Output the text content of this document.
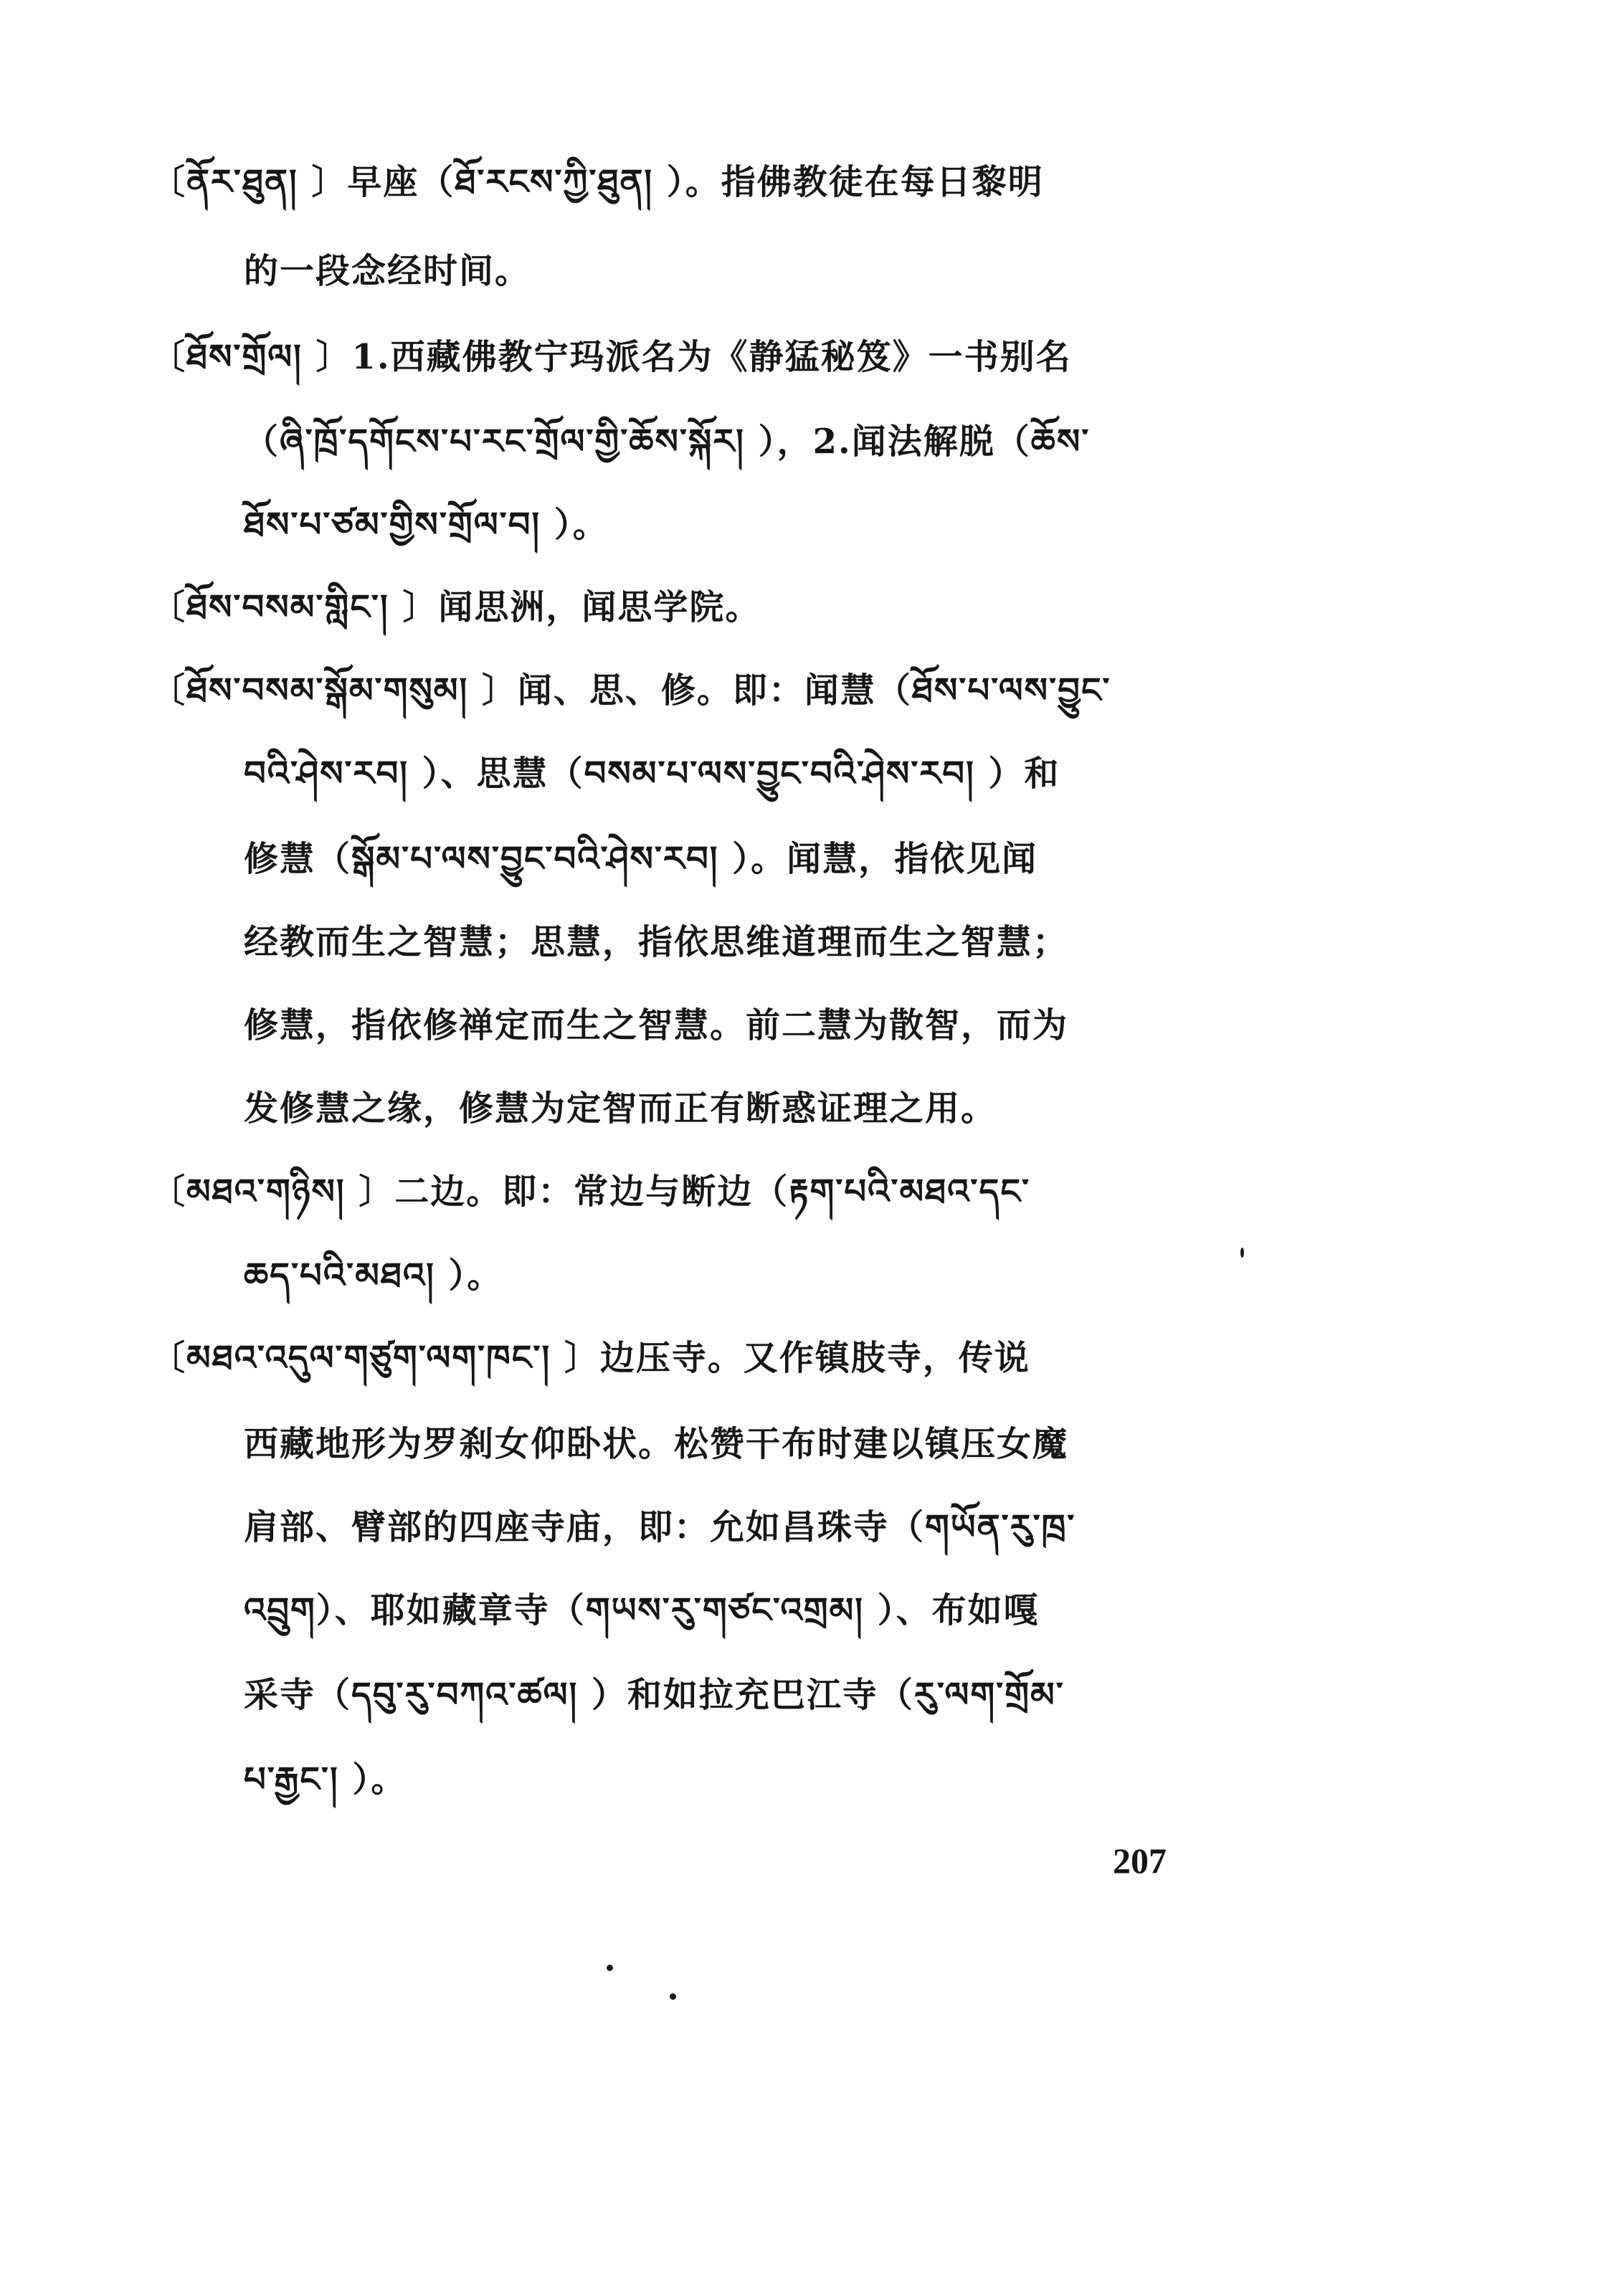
〔ནོར་ཐུན། 〕早座（ཐོ་རངས་ཀྱི་ཐུན། ）。指佛教徒在每日黎明
的一段念经时间。
〔ཐོས་གྲོལ། 〕1.西藏佛教宁玛派名为《静猛秘笈》一书别名
（ཞི་ཁྲོ་དགོངས་པ་རང་གྲོལ་གྱི་ཆོས་སྐོར། ），2.闻法解脱（ཆོས་
ཐོས་པ་ཙམ་གྱིས་གྲོལ་བ། ）。
〔ཐོས་བསམ་གླིང་། 〕闻思洲，闻思学院。
〔ཐོས་བསམ་སྒོམ་གསུམ། 〕闻、思、修。即：闻慧（ཐོས་པ་ལས་བྱུང་
བའི་ཤེས་རབ། ）、思慧（བསམ་པ་ལས་བྱུང་བའི་ཤེས་རབ། ）和
修慧（སྒོམ་པ་ལས་བྱུང་བའི་ཤེས་རབ། ）。闻慧，指依见闻
经教而生之智慧；思慧，指依思维道理而生之智慧；
修慧，指依修禅定而生之智慧。前二慧为散智，而为
发修慧之缘，修慧为定智而正有断惑证理之用。
〔མཐའ་གཉིས། 〕二边。即：常边与断边（རྟག་པའི་མཐའ་དང་
ཆད་པའི་མཐའ། ）。
〔མཐའ་འདུལ་གཙུག་ལག་ཁང་། 〕边压寺。又作镇肢寺，传说
西藏地形为罗刹女仰卧状。松赞干布时建以镇压女魔
肩部、臂部的四座寺庙，即：允如昌珠寺（གཡོན་རུ་ཁྲ་
འབྲུག）、耶如藏章寺（གཡས་རུ་གཙང་འགྲམ། ）、布如嘎
采寺（དབུ་རུ་བཀའ་ཚལ། ）和如拉充巴江寺（རུ་ལག་གྲོམ་
པ་རྒྱང་། ）。
207
